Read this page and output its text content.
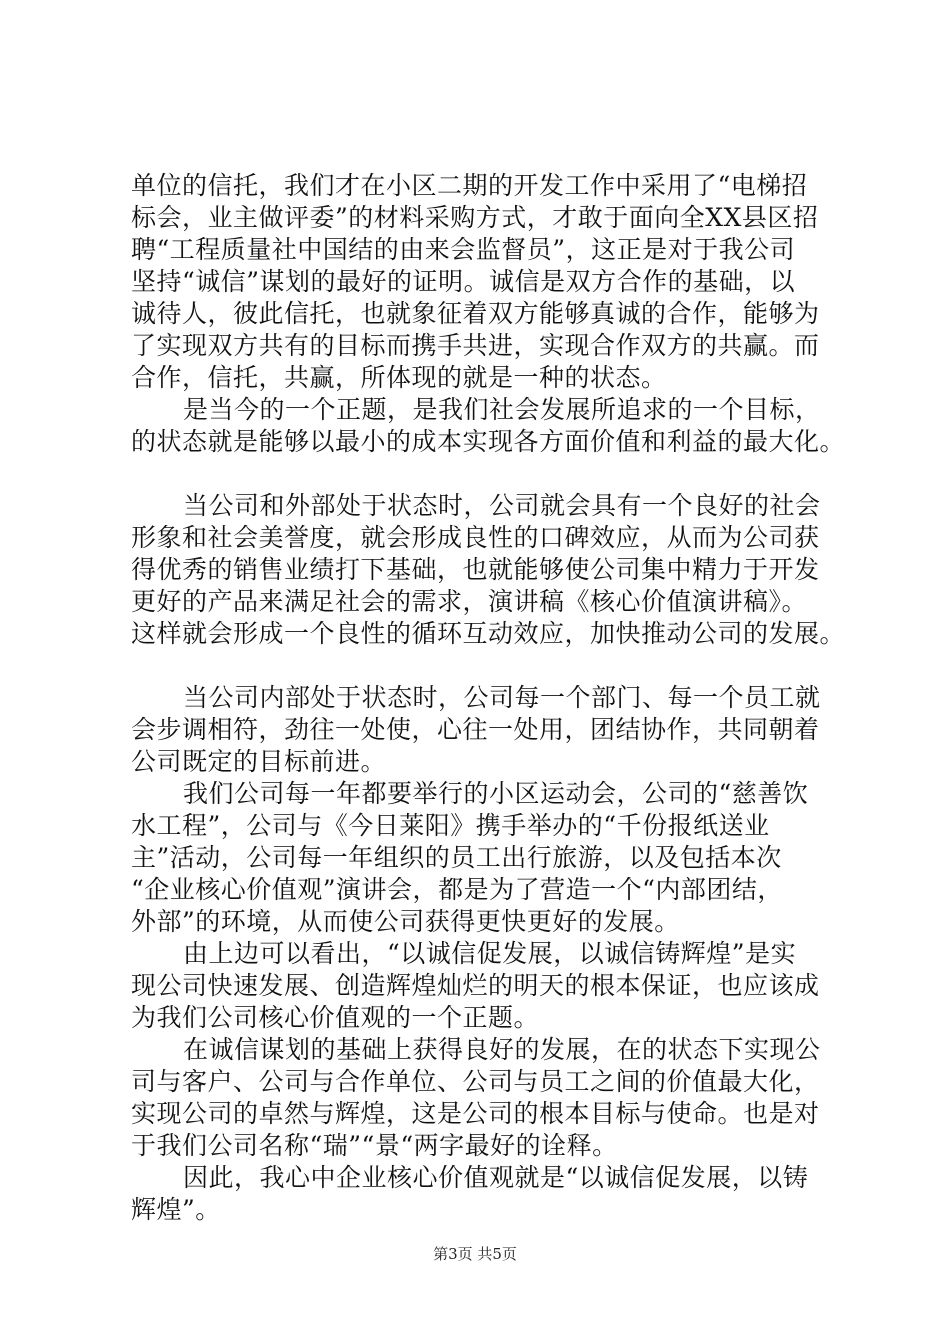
单位的信托，我们才在小区二期的开发工作中采用了“电梯招
标会，业主做评委”的材料采购方式，才敢于面向全XX县区招
聘“工程质量社中国结的由来会监督员”，这正是对于我公司
坚持“诚信”谋划的最好的证明。诚信是双方合作的基础，以
诚待人，彼此信托，也就象征着双方能够真诚的合作，能够为
了实现双方共有的目标而携手共进，实现合作双方的共赢。而
合作，信托，共赢，所体现的就是一种的状态。
是当今的一个正题，是我们社会发展所追求的一个目标，
的状态就是能够以最小的成本实现各方面价值和利益的最大化。
当公司和外部处于状态时，公司就会具有一个良好的社会
形象和社会美誉度，就会形成良性的口碑效应，从而为公司获
得优秀的销售业绩打下基础，也就能够使公司集中精力于开发
更好的产品来满足社会的需求，演讲稿《核心价值演讲稿》。
这样就会形成一个良性的循环互动效应，加快推动公司的发展。
当公司内部处于状态时，公司每一个部门、每一个员工就
会步调相符，劲往一处使，心往一处用，团结协作，共同朝着
公司既定的目标前进。
我们公司每一年都要举行的小区运动会，公司的“慈善饮
水工程”，公司与《今日莱阳》携手举办的“千份报纸送业
主”活动，公司每一年组织的员工出行旅游，以及包括本次
“企业核心价值观”演讲会，都是为了营造一个“内部团结，
外部”的环境，从而使公司获得更快更好的发展。
由上边可以看出，“以诚信促发展，以诚信铸辉煌”是实
现公司快速发展、创造辉煌灿烂的明天的根本保证，也应该成
为我们公司核心价值观的一个正题。
在诚信谋划的基础上获得良好的发展，在的状态下实现公
司与客户、公司与合作单位、公司与员工之间的价值最大化，
实现公司的卓然与辉煌，这是公司的根本目标与使命。也是对
于我们公司名称“瑞”“景“两字最好的诠释。
因此，我心中企业核心价值观就是“以诚信促发展，以铸
辉煌”。
第3页 共5页
